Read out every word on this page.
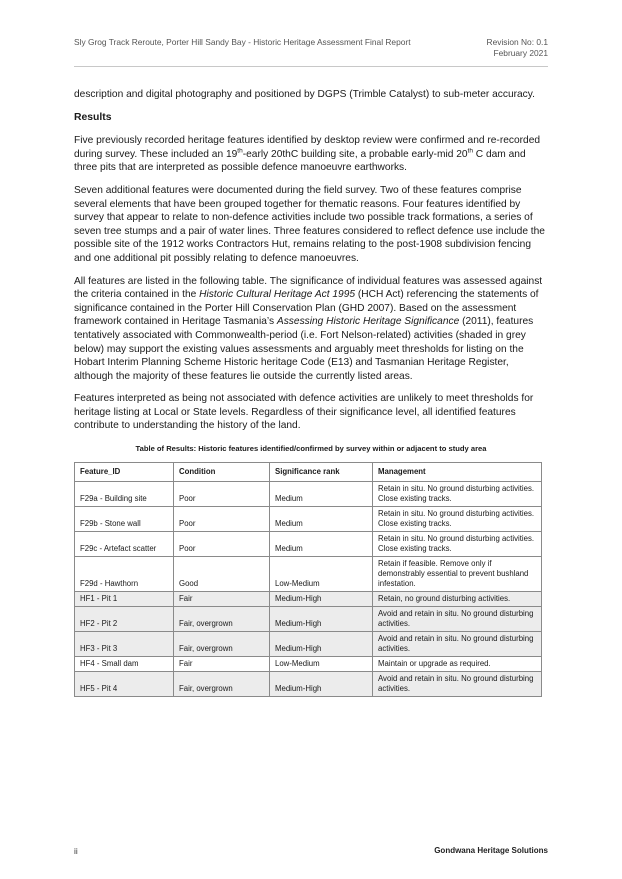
Sly Grog Track Reroute, Porter Hill Sandy Bay - Historic Heritage Assessment Final Report	Revision No: 0.1
February 2021

description and digital photography and positioned by DGPS (Trimble Catalyst) to sub-meter accuracy.

Results

Five previously recorded heritage features identified by desktop review were confirmed and re-recorded during survey. These included an 19th-early 20thC building site, a probable early-mid 20th C dam and three pits that are interpreted as possible defence manoeuvre earthworks.

Seven additional features were documented during the field survey. Two of these features comprise several elements that have been grouped together for thematic reasons. Four features identified by survey that appear to relate to non-defence activities include two possible track formations, a series of seven tree stumps and a pair of water lines. Three features considered to reflect defence use include the possible site of the 1912 works Contractors Hut, remains relating to the post-1908 subdivision fencing and one additional pit possibly relating to defence manoeuvres.

All features are listed in the following table. The significance of individual features was assessed against the criteria contained in the Historic Cultural Heritage Act 1995 (HCH Act) referencing the statements of significance contained in the Porter Hill Conservation Plan (GHD 2007). Based on the assessment framework contained in Heritage Tasmania’s Assessing Historic Heritage Significance (2011), features tentatively associated with Commonwealth-period (i.e. Fort Nelson-related) activities (shaded in grey below) may support the existing values assessments and arguably meet thresholds for listing on the Hobart Interim Planning Scheme Historic heritage Code (E13) and Tasmanian Heritage Register, although the majority of these features lie outside the currently listed areas.

Features interpreted as being not associated with defence activities are unlikely to meet thresholds for heritage listing at Local or State levels. Regardless of their significance level, all identified features contribute to understanding the history of the land.

Table of Results: Historic features identified/confirmed by survey within or adjacent to study area
Feature_ID	Condition	Significance rank	Management
F29a - Building site	Poor	Medium	Retain in situ. No ground disturbing activities. Close existing tracks.
F29b - Stone wall	Poor	Medium	Retain in situ. No ground disturbing activities. Close existing tracks.
F29c - Artefact scatter	Poor	Medium	Retain in situ. No ground disturbing activities. Close existing tracks.
F29d - Hawthorn	Good	Low-Medium	Retain if feasible. Remove only if demonstrably essential to prevent bushland infestation.
HF1 - Pit 1	Fair	Medium-High	Retain, no ground disturbing activities.
HF2 - Pit 2	Fair, overgrown	Medium-High	Avoid and retain in situ. No ground disturbing activities.
HF3 - Pit 3	Fair, overgrown	Medium-High	Avoid and retain in situ. No ground disturbing activities.
HF4 - Small dam	Fair	Low-Medium	Maintain or upgrade as required.
HF5 - Pit 4	Fair, overgrown	Medium-High	Avoid and retain in situ. No ground disturbing activities.
ii	Gondwana Heritage Solutions
